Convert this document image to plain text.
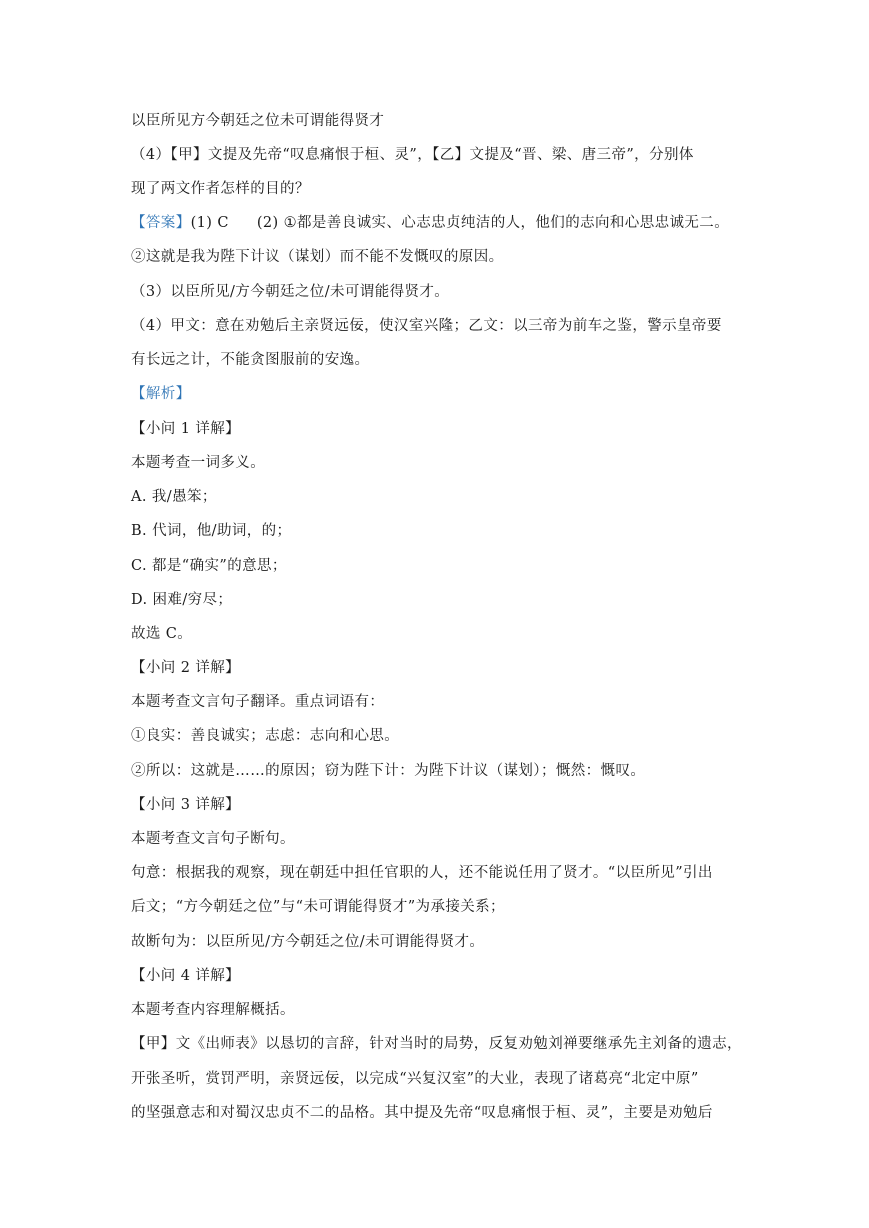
以臣所见方今朝廷之位未可谓能得贤才
（4）【甲】文提及先帝“叹息痛恨于桓、灵”，【乙】文提及“晋、梁、唐三帝”，分别体
现了两文作者怎样的目的？
【答案】(1) C (2) ①都是善良诚实、心志忠贞纯洁的人，他们的志向和心思忠诚无二。
②这就是我为陛下计议（谋划）而不能不发慨叹的原因。
（3）以臣所见/方今朝廷之位/未可谓能得贤才。
（4）甲文：意在劝勉后主亲贤远佞，使汉室兴隆；乙文：以三帝为前车之鉴，警示皇帝要
有长远之计，不能贪图服前的安逸。
【解析】
【小问 1 详解】
本题考查一词多义。
A. 我/愚笨；
B. 代词，他/助词，的；
C. 都是“确实”的意思；
D. 困难/穷尽；
故选 C。
【小问 2 详解】
本题考查文言句子翻译。重点词语有：
①良实：善良诚实；志虑：志向和心思。
②所以：这就是……的原因；窃为陛下计：为陛下计议（谋划）；慨然：慨叹。
【小问 3 详解】
本题考查文言句子断句。
句意：根据我的观察，现在朝廷中担任官职的人，还不能说任用了贤才。“以臣所见”引出
后文；“方今朝廷之位”与“未可谓能得贤才”为承接关系；
故断句为：以臣所见/方今朝廷之位/未可谓能得贤才。
【小问 4 详解】
本题考查内容理解概括。
【甲】文《出师表》以恳切的言辞，针对当时的局势，反复劝勉刘禅要继承先主刘备的遗志，
开张圣听，赏罚严明，亲贤远佞，以完成“兴复汉室”的大业，表现了诸葛亮“北定中原”
的坚强意志和对蜀汉忠贞不二的品格。其中提及先帝“叹息痛恨于桓、灵”，主要是劝勉后
